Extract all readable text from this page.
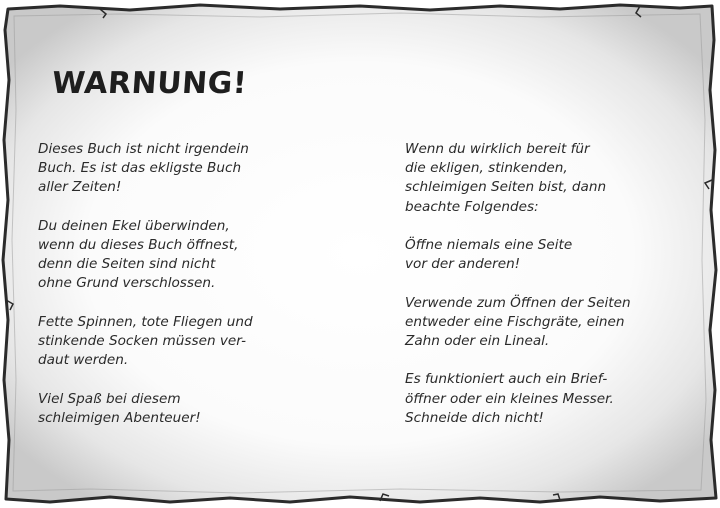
WARNUNG!
Dieses Buch ist nicht irgendein
Buch. Es ist das ekligste Buch
aller Zeiten!
Du deinen Ekel überwinden,
wenn du dieses Buch öffnest,
denn die Seiten sind nicht
ohne Grund verschlossen.
Fette Spinnen, tote Fliegen und
stinkende Socken müssen ver-
daut werden.
Viel Spaß bei diesem
schleimigen Abenteuer!
Wenn du wirklich bereit für
die ekligen, stinkenden,
schleimigen Seiten bist, dann
beachte Folgendes:
Öffne niemals eine Seite
vor der anderen!
Verwende zum Öffnen der Seiten
entweder eine Fischgräte, einen
Zahn oder ein Lineal.
Es funktioniert auch ein Brief-
öffner oder ein kleines Messer.
Schneide dich nicht!
